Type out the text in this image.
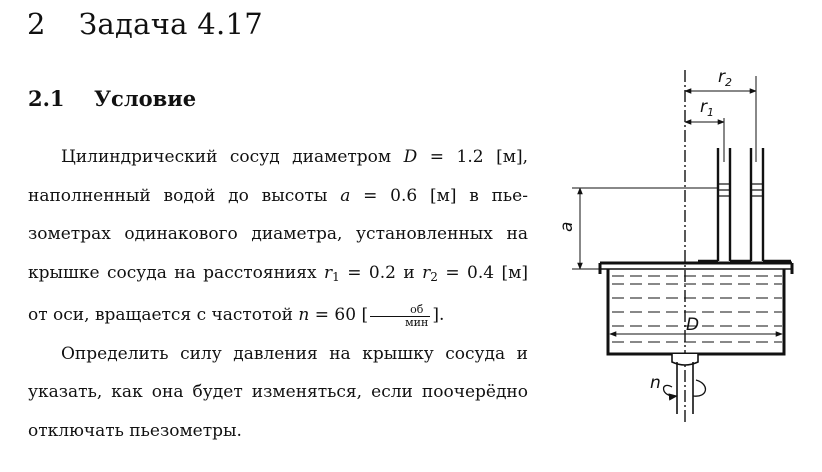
2 Задача 4.17
2.1 Условие

Цилиндрический сосуд диаметром D = 1.2 [м], наполненный водой до высоты a = 0.6 [м] в пьезометрах одинакового диаметра, установленных на крышке сосуда на расстояниях $r_1 = 0.2$ и $r_2 = 0.4$ [м] от оси, вращается с частотой n = 60 [ $\frac{об}{\text{мин}}$ ].

Определить силу давления на крышку сосуда и указать, как она будет изменяться, если поочерёдно отключать пьезометры.

$r_2$
$r_1$
a
D
n
